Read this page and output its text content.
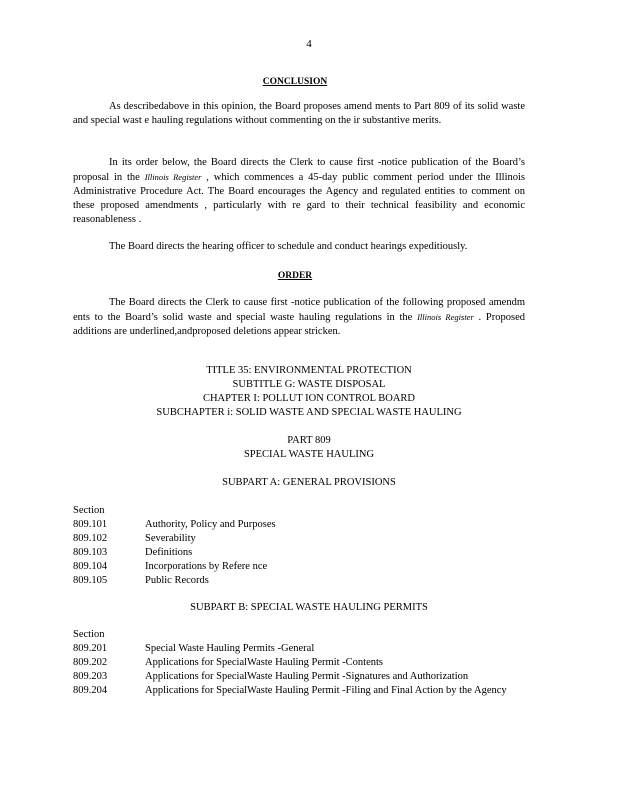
4
CONCLUSION

As describedabove in this opinion, the Board proposes amend ments to Part 809 of its solid waste and special wast e hauling regulations without commenting on the ir substantive merits.

In its order below, the Board directs the Clerk to cause first -notice publication of the Board’s proposal in the Illinois Register , which commences a 45-day public comment period under the Illinois Administrative Procedure Act. The Board encourages the Agency and regulated entities to comment on these proposed amendments , particularly with re gard to their technical feasibility and economic reasonableness .

The Board directs the hearing officer to schedule and conduct hearings expeditiously.

ORDER

The Board directs the Clerk to cause first -notice publication of the following proposed amendm ents to the Board’s solid waste and special waste hauling regulations in the Illinois Register . Proposed additions are underlined,andproposed deletions appear stricken.

TITLE 35: ENVIRONMENTAL PROTECTION
SUBTITLE G: WASTE DISPOSAL
CHAPTER I: POLLUT ION CONTROL BOARD
SUBCHAPTER i: SOLID WASTE AND SPECIAL WASTE HAULING
PART 809
SPECIAL WASTE HAULING
SUBPART A: GENERAL PROVISIONS
Section
809.101	Authority, Policy and Purposes
809.102	Severability
809.103	Definitions
809.104	Incorporations by Refere nce
809.105	Public Records
SUBPART B: SPECIAL WASTE HAULING PERMITS
Section
809.201	Special Waste Hauling Permits -General
809.202	Applications for SpecialWaste Hauling Permit -Contents
809.203	Applications for SpecialWaste Hauling Permit -Signatures and Authorization
809.204	Applications for SpecialWaste Hauling Permit -Filing and Final Action by the Agency
